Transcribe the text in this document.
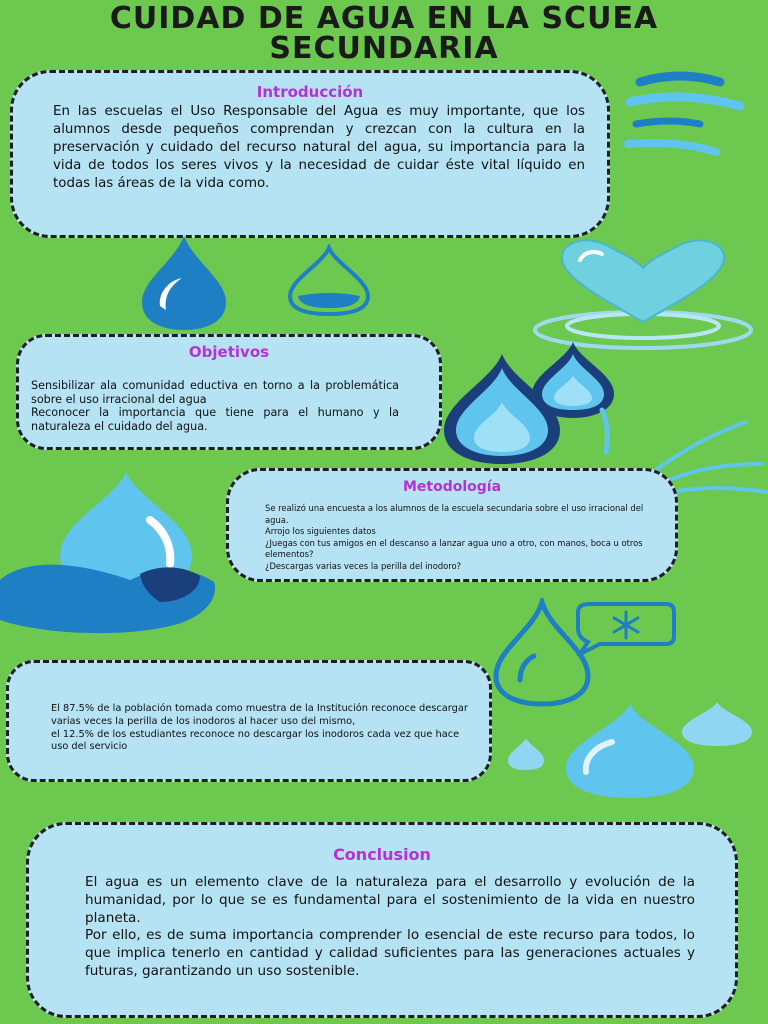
CUIDAD DE AGUA EN LA SCUEA
SECUNDARIA
Introducción

En las escuelas el Uso Responsable del Agua es muy importante, que los alumnos desde pequeños comprendan y crezcan con la cultura en la preservación y cuidado del recurso natural del agua, su importancia para la vida de todos los seres vivos y la necesidad de cuidar éste vital líquido en todas las áreas de la vida como.

Objetivos

Sensibilizar ala comunidad eductiva en torno a la problemática sobre el uso irracional del agua
Reconocer la importancia que tiene para el humano y la naturaleza el cuidado del agua.

Metodología

Se realizó una encuesta a los alumnos de la escuela secundaria sobre el uso irracional del agua.
Arrojo los siguientes datos
¿Juegas con tus amigos en el descanso a lanzar agua uno a otro, con manos, boca u otros elementos?
¿Descargas varias veces la perilla del inodoro?

El 87.5% de la población tomada como muestra de la Institución reconoce descargar varias veces la perilla de los inodoros al hacer uso del mismo,
el 12.5% de los estudiantes reconoce no descargar los inodoros cada vez que hace uso del servicio

Conclusion

El agua es un elemento clave de la naturaleza para el desarrollo y evolución de la humanidad, por lo que se es fundamental para el sostenimiento de la vida en nuestro planeta.
Por ello, es de suma importancia comprender lo esencial de este recurso para todos, lo que implica tenerlo en cantidad y calidad suficientes para las generaciones actuales y futuras, garantizando un uso sostenible.
